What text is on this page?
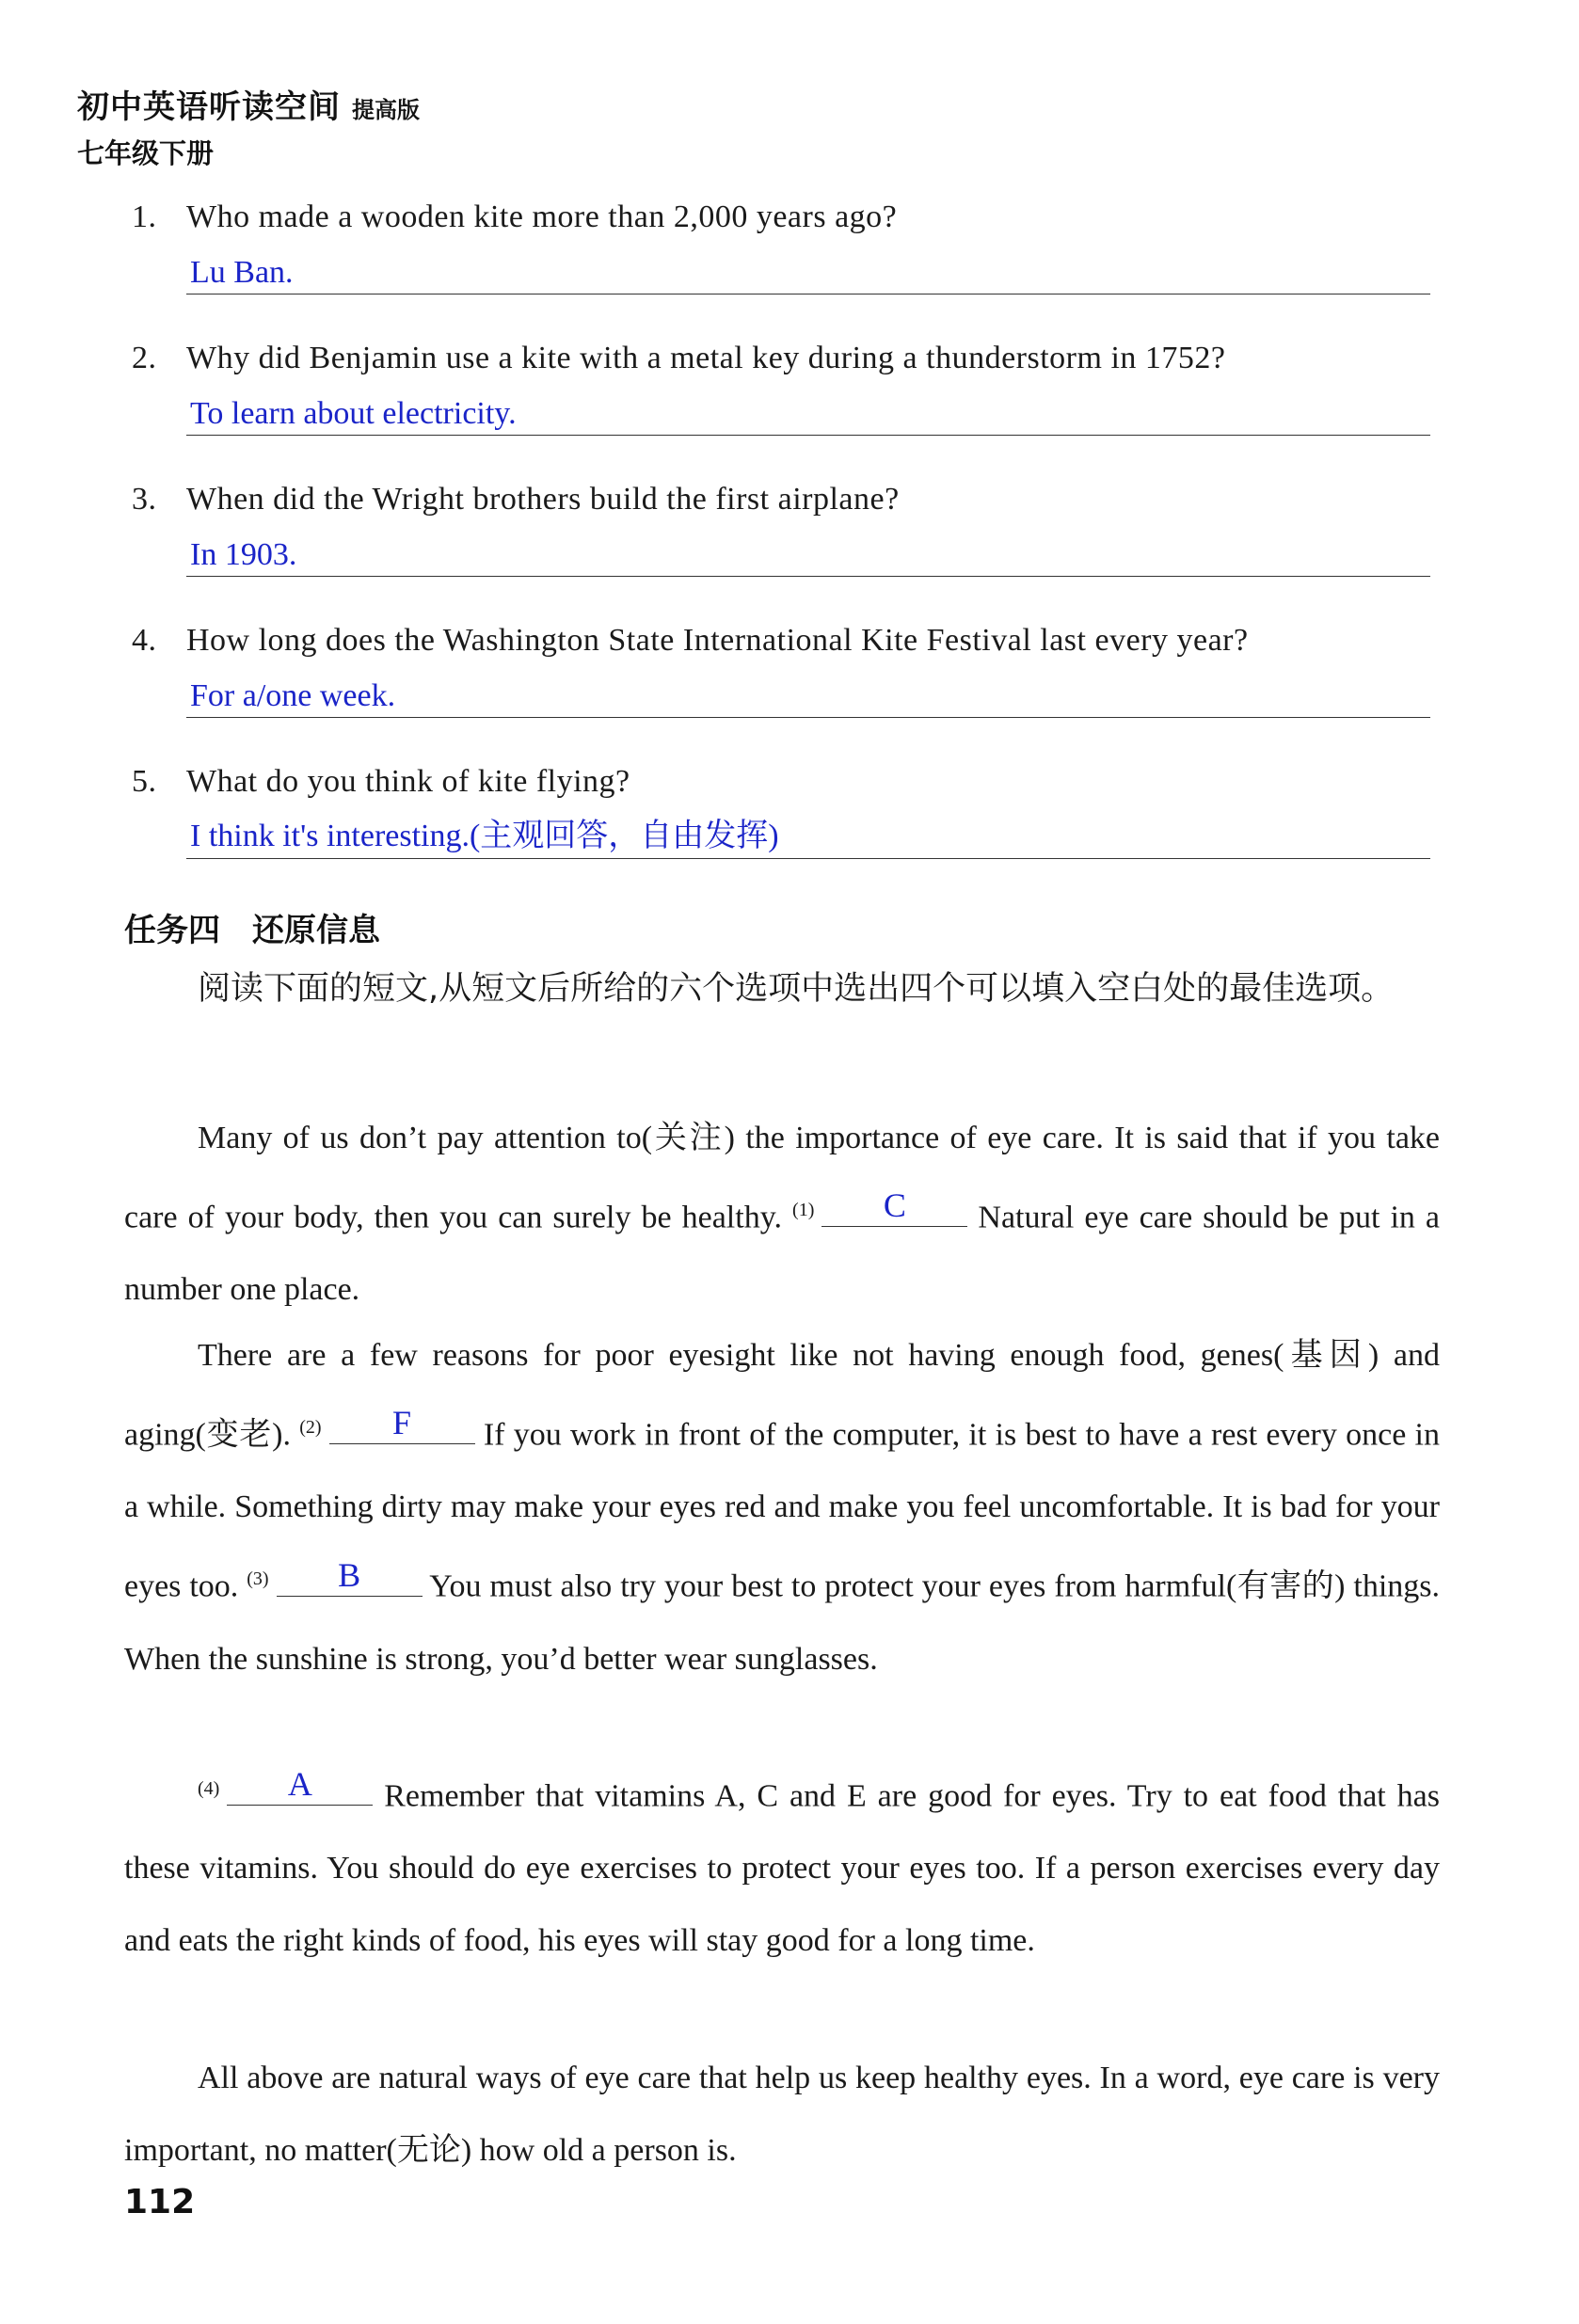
初中英语听读空间 提高版
七年级下册
1. Who made a wooden kite more than 2,000 years ago?
Lu Ban.
2. Why did Benjamin use a kite with a metal key during a thunderstorm in 1752?
To learn about electricity.
3. When did the Wright brothers build the first airplane?
In 1903.
4. How long does the Washington State International Kite Festival last every year?
For a/one week.
5. What do you think of kite flying?
I think it's interesting.(主观回答，自由发挥)
任务四 还原信息
阅读下面的短文,从短文后所给的六个选项中选出四个可以填入空白处的最佳选项。
Many of us don’t pay attention to(关注) the importance of eye care. It is said that if you take care of your body, then you can surely be healthy. $^{(1)}$	C	Natural eye care should be put in a number one place.
There are a few reasons for poor eyesight like not having enough food, genes(基因) and aging(变老). $^{(2)}$	F	If you work in front of the computer, it is best to have a rest every once in a while. Something dirty may make your eyes red and make you feel uncomfortable. It is bad for your eyes too. $^{(3)}$	B	You must also try your best to protect your eyes from harmful(有害的) things. When the sunshine is strong, you’d better wear sunglasses.
$^{(4)}$	A	Remember that vitamins A, C and E are good for eyes. Try to eat food that has these vitamins. You should do eye exercises to protect your eyes too. If a person exercises every day and eats the right kinds of food, his eyes will stay good for a long time.
All above are natural ways of eye care that help us keep healthy eyes. In a word, eye care is very important, no matter(无论) how old a person is.
112
